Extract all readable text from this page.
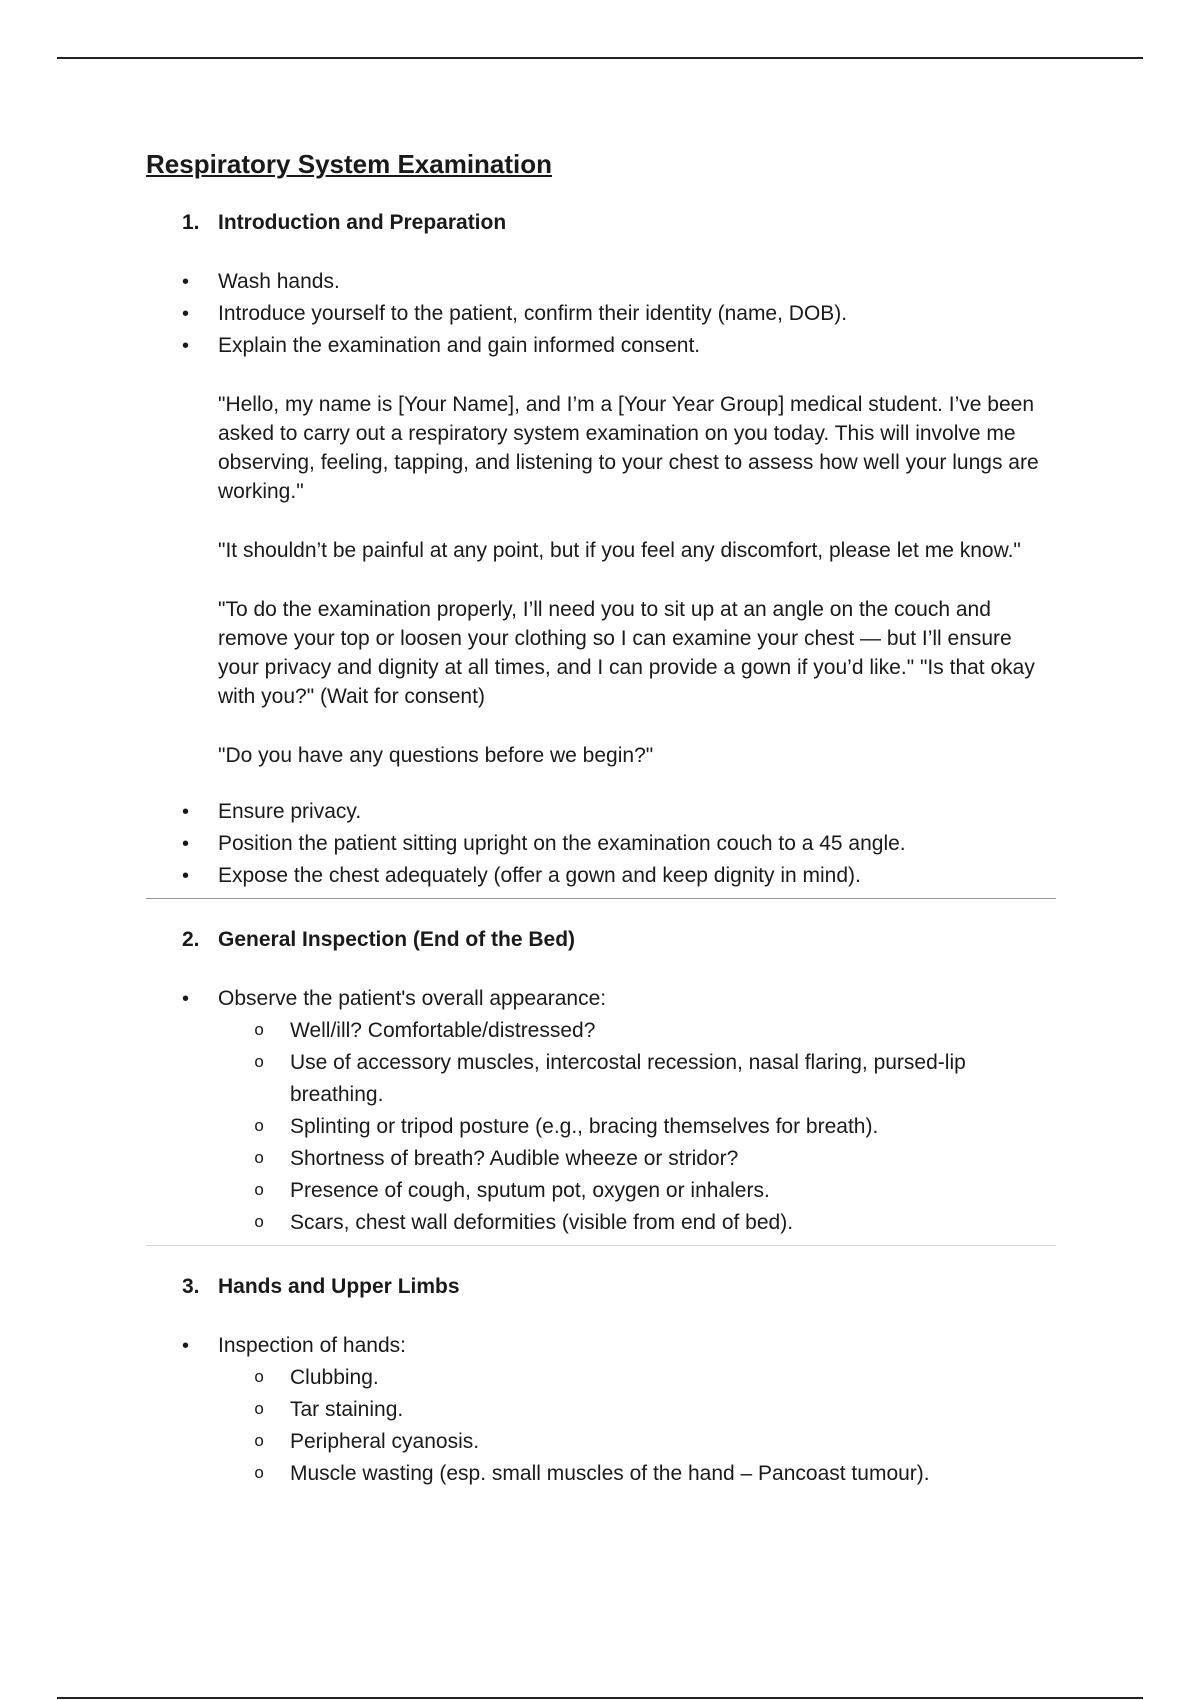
Respiratory System Examination
1. Introduction and Preparation
• Wash hands.
• Introduce yourself to the patient, confirm their identity (name, DOB).
• Explain the examination and gain informed consent.

"Hello, my name is [Your Name], and I’m a [Your Year Group] medical student. I’ve been asked to carry out a respiratory system examination on you today. This will involve me observing, feeling, tapping, and listening to your chest to assess how well your lungs are working."

"It shouldn’t be painful at any point, but if you feel any discomfort, please let me know."

"To do the examination properly, I’ll need you to sit up at an angle on the couch and remove your top or loosen your clothing so I can examine your chest — but I’ll ensure your privacy and dignity at all times, and I can provide a gown if you’d like." "Is that okay with you?" (Wait for consent)

"Do you have any questions before we begin?"

• Ensure privacy.
• Position the patient sitting upright on the examination couch to a 45 angle.
• Expose the chest adequately (offer a gown and keep dignity in mind).
2. General Inspection (End of the Bed)
• Observe the patient's overall appearance:
o Well/ill? Comfortable/distressed?
o Use of accessory muscles, intercostal recession, nasal flaring, pursed-lip breathing.
o Splinting or tripod posture (e.g., bracing themselves for breath).
o Shortness of breath? Audible wheeze or stridor?
o Presence of cough, sputum pot, oxygen or inhalers.
o Scars, chest wall deformities (visible from end of bed).
3. Hands and Upper Limbs
• Inspection of hands:
o Clubbing.
o Tar staining.
o Peripheral cyanosis.
o Muscle wasting (esp. small muscles of the hand – Pancoast tumour).
